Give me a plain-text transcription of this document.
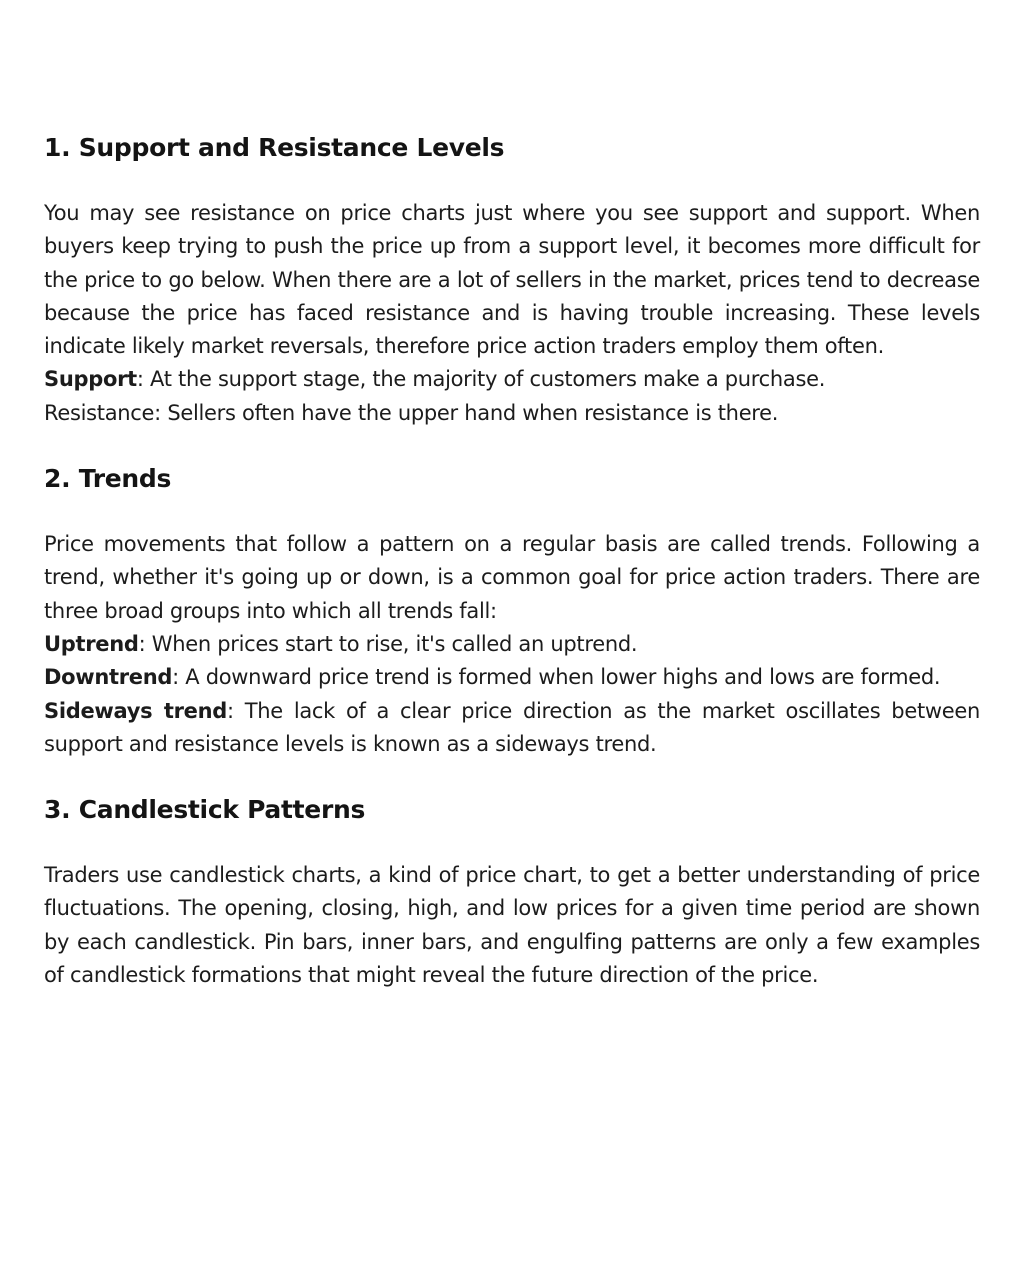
1. Support and Resistance Levels

You may see resistance on price charts just where you see support and support. When buyers keep trying to push the price up from a support level, it becomes more difficult for the price to go below. When there are a lot of sellers in the market, prices tend to decrease because the price has faced resistance and is having trouble increasing. These levels indicate likely market reversals, therefore price action traders employ them often.

Support: At the support stage, the majority of customers make a purchase.

Resistance: Sellers often have the upper hand when resistance is there.

2. Trends

Price movements that follow a pattern on a regular basis are called trends. Following a trend, whether it's going up or down, is a common goal for price action traders. There are three broad groups into which all trends fall:

Uptrend: When prices start to rise, it's called an uptrend.

Downtrend: A downward price trend is formed when lower highs and lows are formed.

Sideways trend: The lack of a clear price direction as the market oscillates between support and resistance levels is known as a sideways trend.

3. Candlestick Patterns

Traders use candlestick charts, a kind of price chart, to get a better understanding of price fluctuations. The opening, closing, high, and low prices for a given time period are shown by each candlestick. Pin bars, inner bars, and engulfing patterns are only a few examples of candlestick formations that might reveal the future direction of the price.
